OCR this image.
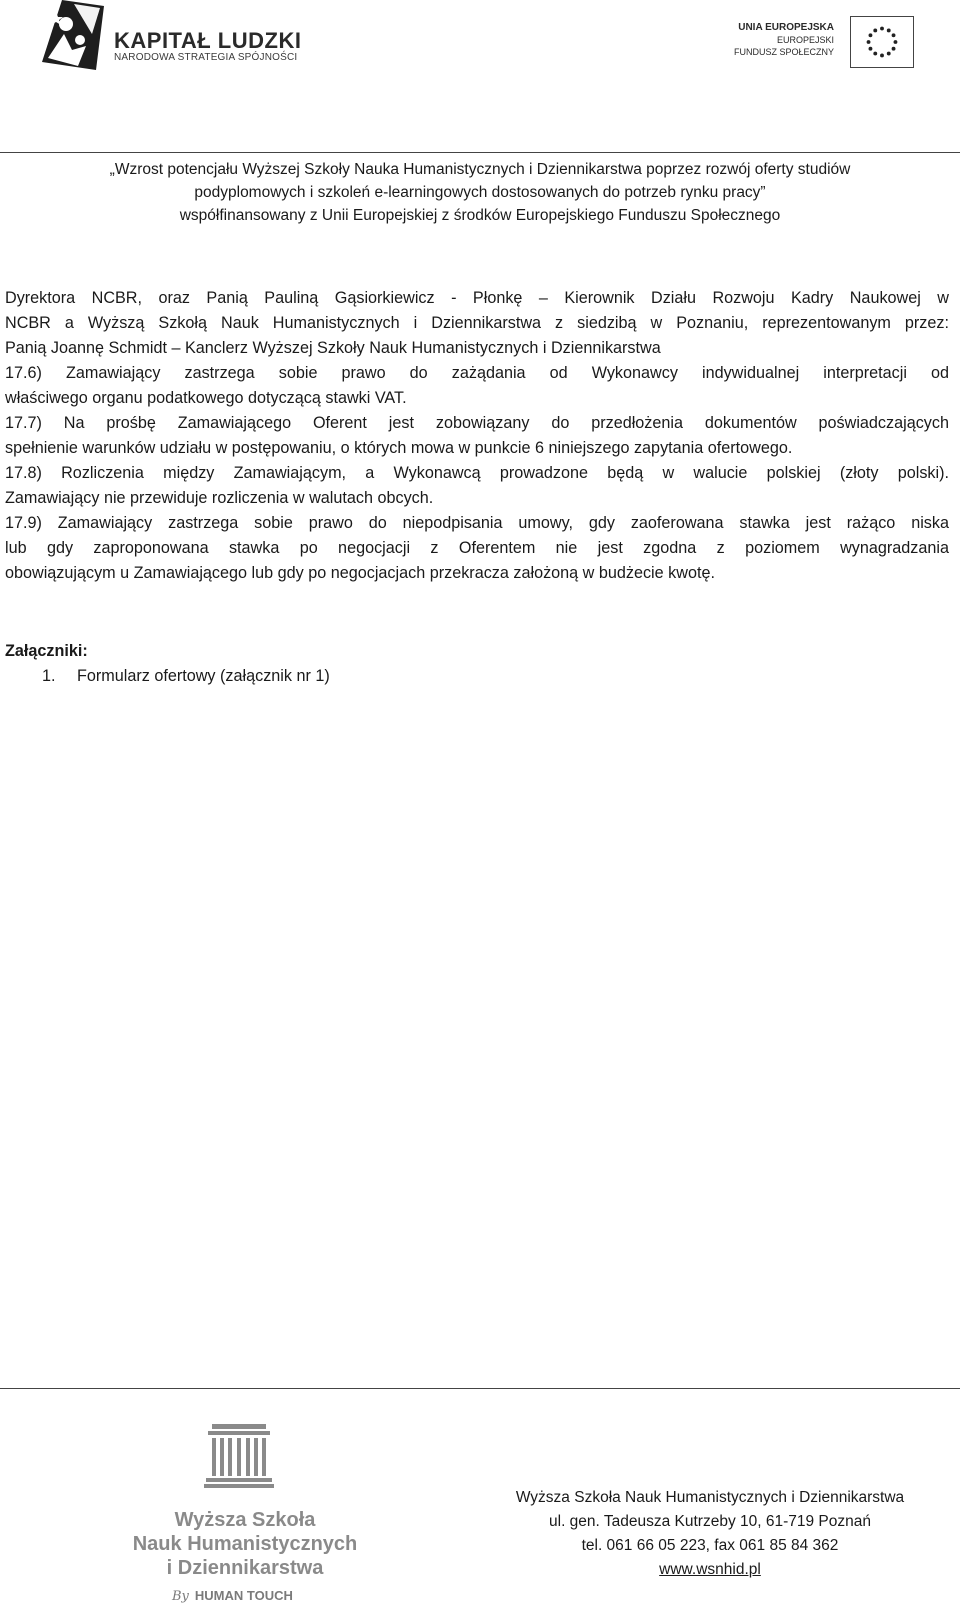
KAPITAŁ LUDZKI
NARODOWA STRATEGIA SPÓJNOŚCI
UNIA EUROPEJSKA
EUROPEJSKI
FUNDUSZ SPOŁECZNY
„Wzrost potencjału Wyższej Szkoły Nauka Humanistycznych i Dziennikarstwa poprzez rozwój oferty studiów
podyplomowych i szkoleń e-learningowych dostosowanych do potrzeb rynku pracy”
współfinansowany z Unii Europejskiej z środków Europejskiego Funduszu Społecznego

Dyrektora NCBR, oraz Panią Pauliną Gąsiorkiewicz - Płonkę – Kierownik Działu Rozwoju Kadry Naukowej w
NCBR a Wyższą Szkołą Nauk Humanistycznych i Dziennikarstwa z siedzibą w Poznaniu, reprezentowanym przez:
Panią Joannę Schmidt – Kanclerz Wyższej Szkoły Nauk Humanistycznych i Dziennikarstwa

17.6) Zamawiający zastrzega sobie prawo do zażądania od Wykonawcy indywidualnej interpretacji od
właściwego organu podatkowego dotyczącą stawki VAT.

17.7) Na prośbę Zamawiającego Oferent jest zobowiązany do przedłożenia dokumentów poświadczających
spełnienie warunków udziału w postępowaniu, o których mowa w punkcie 6 niniejszego zapytania ofertowego.

17.8) Rozliczenia między Zamawiającym, a Wykonawcą prowadzone będą w walucie polskiej (złoty polski).
Zamawiający nie przewiduje rozliczenia w walutach obcych.

17.9) Zamawiający zastrzega sobie prawo do niepodpisania umowy, gdy zaoferowana stawka jest rażąco niska
lub gdy zaproponowana stawka po negocjacji z Oferentem nie jest zgodna z poziomem wynagradzania
obowiązującym u Zamawiającego lub gdy po negocjacjach przekracza założoną w budżecie kwotę.

Załączniki:
1. Formularz ofertowy (załącznik nr 1)
Wyższa Szkoła
Nauk Humanistycznych
i Dziennikarstwa
By HUMAN TOUCH
Wyższa Szkoła Nauk Humanistycznych i Dziennikarstwa
ul. gen. Tadeusza Kutrzeby 10, 61-719 Poznań
tel. 061 66 05 223, fax 061 85 84 362
www.wsnhid.pl
